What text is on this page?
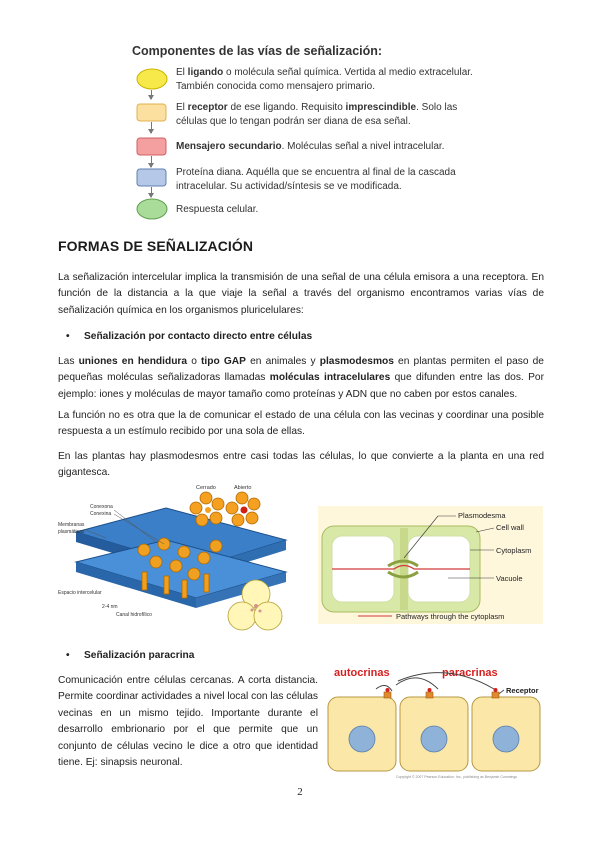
Componentes de las vías de señalización:
El ligando o molécula señal química. Vertida al medio extracelular.
También conocida como mensajero primario.
El receptor de ese ligando. Requisito imprescindible. Solo las
células que lo tengan podrán ser diana de esa señal.
Mensajero secundario. Moléculas señal a nivel intracelular.
Proteína diana. Aquélla que se encuentra al final de la cascada
intracelular. Su actividad/síntesis se ve modificada.
Respuesta celular.
FORMAS DE SEÑALIZACIÓN
La señalización intercelular implica la transmisión de una señal de una célula emisora a una receptora. En función de la distancia a la que viaje la señal a través del organismo encontramos varias vías de señalización química en los organismos pluricelulares:
• Señalización por contacto directo entre células
Las uniones en hendidura o tipo GAP en animales y plasmodesmos en plantas permiten el paso de pequeñas moléculas señalizadoras llamadas moléculas intracelulares que difunden entre las dos. Por ejemplo: iones y moléculas de mayor tamaño como proteínas y ADN que no caben por estos canales.
La función no es otra que la de comunicar el estado de una célula con las vecinas y coordinar una posible respuesta a un estímulo recibido por una sola de ellas.
En las plantas hay plasmodesmos entre casi todas las células, lo que convierte a la planta en una red gigantesca.
Cerrado	Abierto
Conexona
Conexina
Membranas
plasmáticas
Espacio intercelular
2-4 nm
Canal hidrofílico
Plasmodesma
Cell wall
Cytoplasm
Vacuole
Pathways through the cytoplasm
• Señalización paracrina
Comunicación entre células cercanas. A corta distancia. Permite coordinar actividades a nivel local con las células vecinas en un mismo tejido. Importante durante el desarrollo embrionario por el que permite que un conjunto de células vecino le dice a otro que identidad tiene. Ej: sinapsis neuronal.
autocrinas	paracrinas
Receptor
Copyright © 2007 Pearson Education, Inc., publishing as Benjamin Cummings
2
